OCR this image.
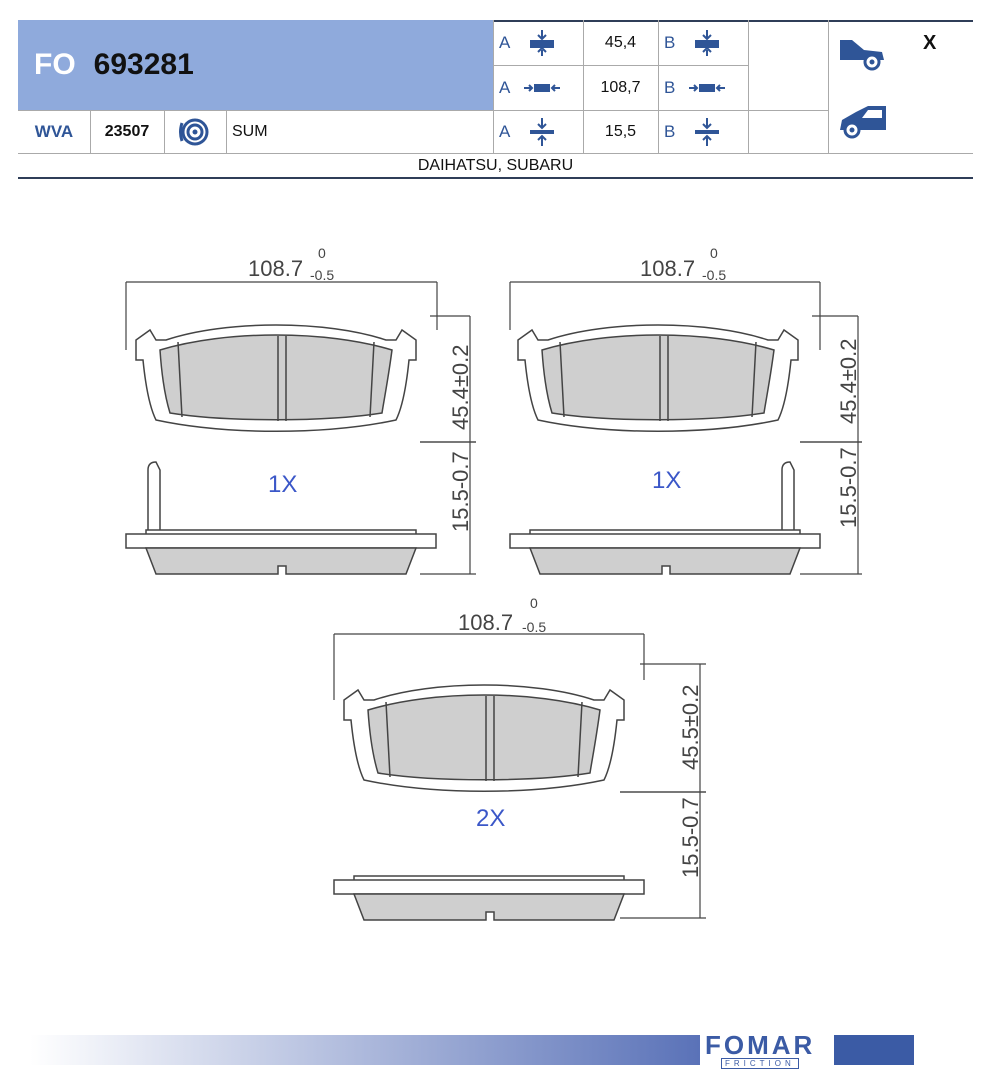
FO 693281
WVA	23507	SUM
A	45,4	B
A	108,7	B
A	15,5	B
X
DAIHATSU, SUBARU
108.7
0
-0.5
45.4±0.2
1X	15.5-0.7
108.7
0
-0.5
45.4±0.2
1X	15.5-0.7
108.7
0
-0.5
45.5±0.2
2X	15.5-0.7
FOMAR
FRICTION
